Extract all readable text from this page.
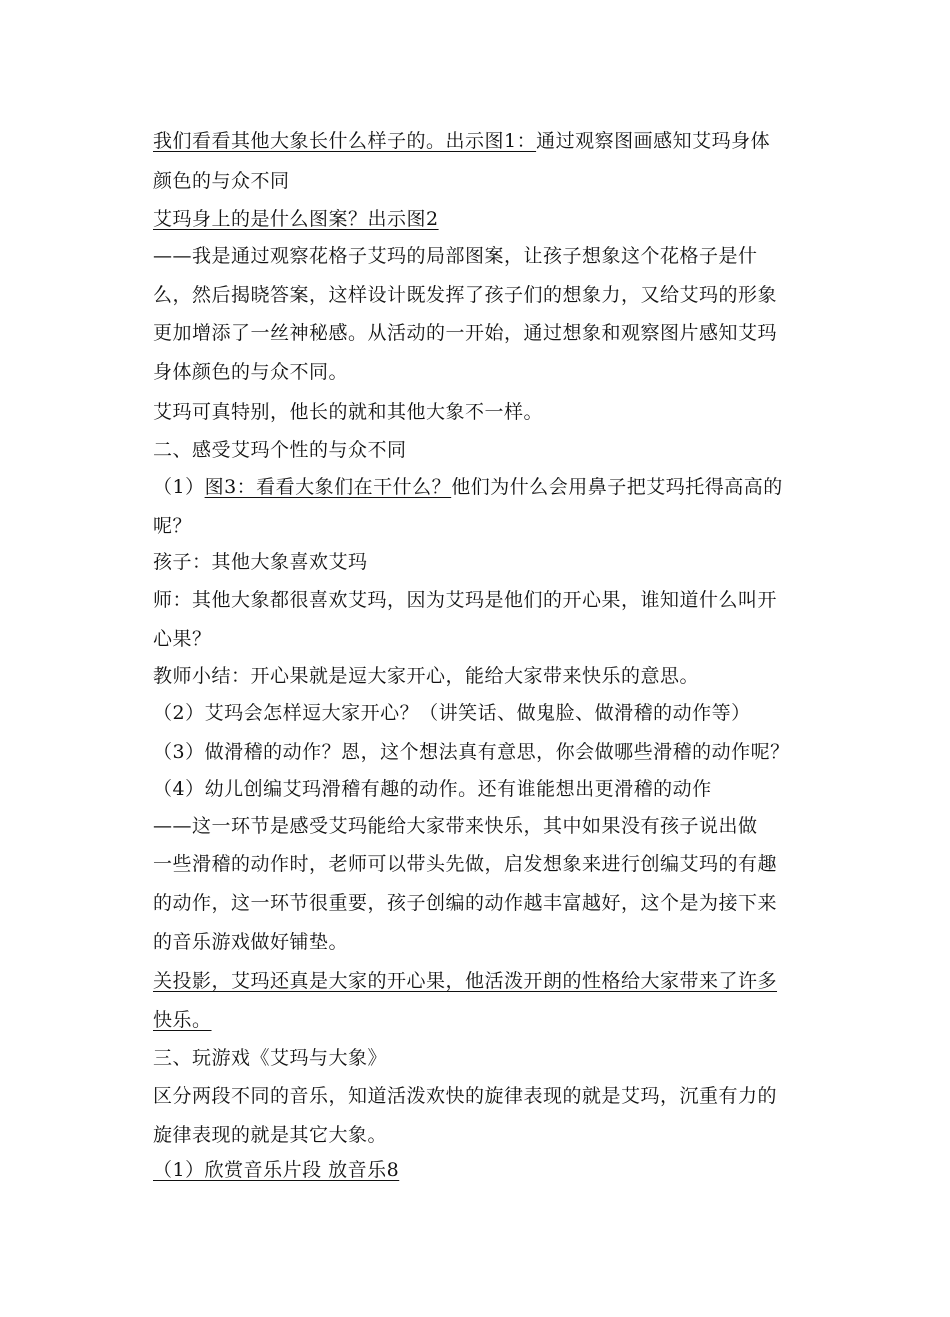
我们看看其他大象长什么样子的。出示图1：通过观察图画感知艾玛身体
颜色的与众不同
艾玛身上的是什么图案？出示图2
——我是通过观察花格子艾玛的局部图案，让孩子想象这个花格子是什
么，然后揭晓答案，这样设计既发挥了孩子们的想象力，又给艾玛的形象
更加增添了一丝神秘感。从活动的一开始，通过想象和观察图片感知艾玛
身体颜色的与众不同。
艾玛可真特别，他长的就和其他大象不一样。
二、感受艾玛个性的与众不同
（1）图3：看看大象们在干什么？他们为什么会用鼻子把艾玛托得高高的
呢？
孩子：其他大象喜欢艾玛
师：其他大象都很喜欢艾玛，因为艾玛是他们的开心果，谁知道什么叫开
心果？
教师小结：开心果就是逗大家开心，能给大家带来快乐的意思。
（2）艾玛会怎样逗大家开心？（讲笑话、做鬼脸、做滑稽的动作等）
（3）做滑稽的动作？恩，这个想法真有意思，你会做哪些滑稽的动作呢？
（4）幼儿创编艾玛滑稽有趣的动作。还有谁能想出更滑稽的动作
——这一环节是感受艾玛能给大家带来快乐，其中如果没有孩子说出做
一些滑稽的动作时，老师可以带头先做，启发想象来进行创编艾玛的有趣
的动作，这一环节很重要，孩子创编的动作越丰富越好，这个是为接下来
的音乐游戏做好铺垫。
关投影，艾玛还真是大家的开心果，他活泼开朗的性格给大家带来了许多
快乐。
三、玩游戏《艾玛与大象》
区分两段不同的音乐，知道活泼欢快的旋律表现的就是艾玛，沉重有力的
旋律表现的就是其它大象。
（1）欣赏音乐片段 放音乐8
